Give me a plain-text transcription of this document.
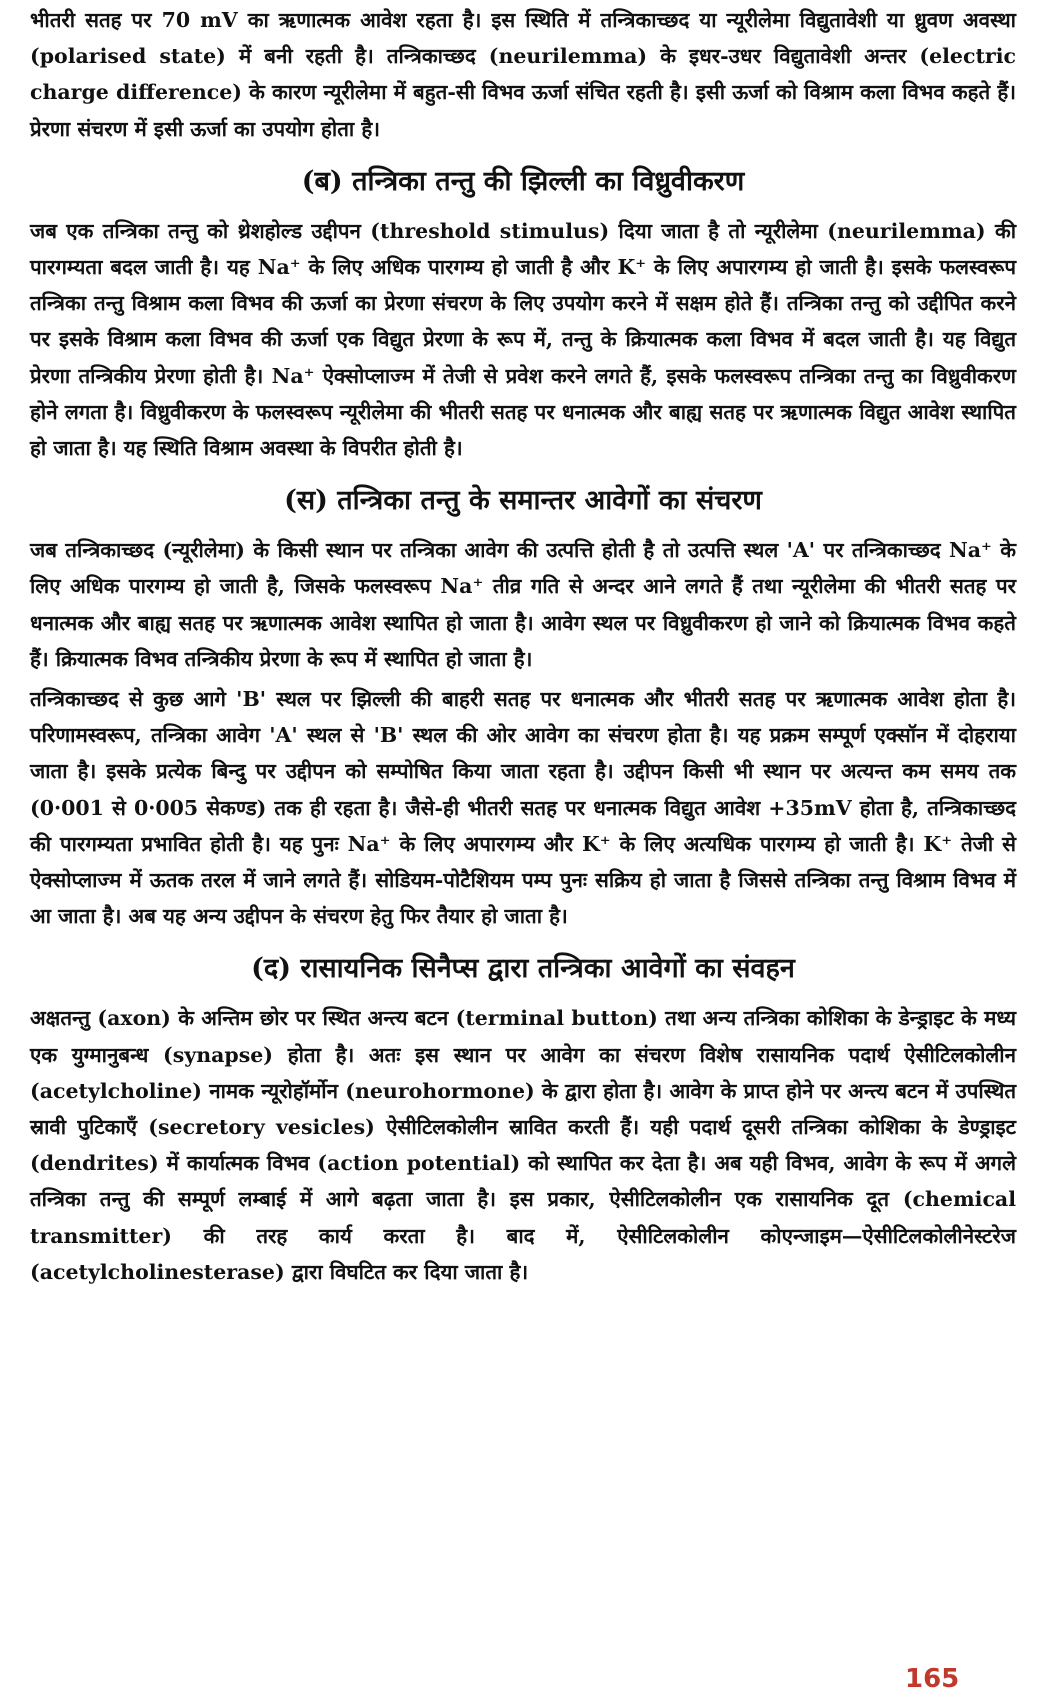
भीतरी सतह पर 70 mV का ऋणात्मक आवेश रहता है। इस स्थिति में तन्त्रिकाच्छद या न्यूरीलेमा विद्युतावेशी या ध्रुवण अवस्था (polarised state) में बनी रहती है। तन्त्रिकाच्छद (neurilemma) के इधर-उधर विद्युतावेशी अन्तर (electric charge difference) के कारण न्यूरीलेमा में बहुत-सी विभव ऊर्जा संचित रहती है। इसी ऊर्जा को विश्राम कला विभव कहते हैं। प्रेरणा संचरण में इसी ऊर्जा का उपयोग होता है।

(ब) तन्त्रिका तन्तु की झिल्ली का विध्रुवीकरण

जब एक तन्त्रिका तन्तु को थ्रेशहोल्ड उद्दीपन (threshold stimulus) दिया जाता है तो न्यूरीलेमा (neurilemma) की पारगम्यता बदल जाती है। यह Na⁺ के लिए अधिक पारगम्य हो जाती है और K⁺ के लिए अपारगम्य हो जाती है। इसके फलस्वरूप तन्त्रिका तन्तु विश्राम कला विभव की ऊर्जा का प्रेरणा संचरण के लिए उपयोग करने में सक्षम होते हैं। तन्त्रिका तन्तु को उद्दीपित करने पर इसके विश्राम कला विभव की ऊर्जा एक विद्युत प्रेरणा के रूप में, तन्तु के क्रियात्मक कला विभव में बदल जाती है। यह विद्युत प्रेरणा तन्त्रिकीय प्रेरणा होती है। Na⁺ ऐक्सोप्लाज्म में तेजी से प्रवेश करने लगते हैं, इसके फलस्वरूप तन्त्रिका तन्तु का विध्रुवीकरण होने लगता है। विध्रुवीकरण के फलस्वरूप न्यूरीलेमा की भीतरी सतह पर धनात्मक और बाह्य सतह पर ऋणात्मक विद्युत आवेश स्थापित हो जाता है। यह स्थिति विश्राम अवस्था के विपरीत होती है।

(स) तन्त्रिका तन्तु के समान्तर आवेगों का संचरण

जब तन्त्रिकाच्छद (न्यूरीलेमा) के किसी स्थान पर तन्त्रिका आवेग की उत्पत्ति होती है तो उत्पत्ति स्थल 'A' पर तन्त्रिकाच्छद Na⁺ के लिए अधिक पारगम्य हो जाती है, जिसके फलस्वरूप Na⁺ तीव्र गति से अन्दर आने लगते हैं तथा न्यूरीलेमा की भीतरी सतह पर धनात्मक और बाह्य सतह पर ऋणात्मक आवेश स्थापित हो जाता है। आवेग स्थल पर विध्रुवीकरण हो जाने को क्रियात्मक विभव कहते हैं। क्रियात्मक विभव तन्त्रिकीय प्रेरणा के रूप में स्थापित हो जाता है।

तन्त्रिकाच्छद से कुछ आगे 'B' स्थल पर झिल्ली की बाहरी सतह पर धनात्मक और भीतरी सतह पर ऋणात्मक आवेश होता है। परिणामस्वरूप, तन्त्रिका आवेग 'A' स्थल से 'B' स्थल की ओर आवेग का संचरण होता है। यह प्रक्रम सम्पूर्ण एक्सॉन में दोहराया जाता है। इसके प्रत्येक बिन्दु पर उद्दीपन को सम्पोषित किया जाता रहता है। उद्दीपन किसी भी स्थान पर अत्यन्त कम समय तक (0·001 से 0·005 सेकण्ड) तक ही रहता है। जैसे-ही भीतरी सतह पर धनात्मक विद्युत आवेश +35mV होता है, तन्त्रिकाच्छद की पारगम्यता प्रभावित होती है। यह पुनः Na⁺ के लिए अपारगम्य और K⁺ के लिए अत्यधिक पारगम्य हो जाती है। K⁺ तेजी से ऐक्सोप्लाज्म में ऊतक तरल में जाने लगते हैं। सोडियम-पोटैशियम पम्प पुनः सक्रिय हो जाता है जिससे तन्त्रिका तन्तु विश्राम विभव में आ जाता है। अब यह अन्य उद्दीपन के संचरण हेतु फिर तैयार हो जाता है।

(द) रासायनिक सिनैप्स द्वारा तन्त्रिका आवेगों का संवहन

अक्षतन्तु (axon) के अन्तिम छोर पर स्थित अन्त्य बटन (terminal button) तथा अन्य तन्त्रिका कोशिका के डेन्ड्राइट के मध्य एक युग्मानुबन्ध (synapse) होता है। अतः इस स्थान पर आवेग का संचरण विशेष रासायनिक पदार्थ ऐसीटिलकोलीन (acetylcholine) नामक न्यूरोहॉर्मोन (neurohormone) के द्वारा होता है। आवेग के प्राप्त होने पर अन्त्य बटन में उपस्थित स्रावी पुटिकाएँ (secretory vesicles) ऐसीटिलकोलीन स्रावित करती हैं। यही पदार्थ दूसरी तन्त्रिका कोशिका के डेण्ड्राइट (dendrites) में कार्यात्मक विभव (action potential) को स्थापित कर देता है। अब यही विभव, आवेग के रूप में अगले तन्त्रिका तन्तु की सम्पूर्ण लम्बाई में आगे बढ़ता जाता है। इस प्रकार, ऐसीटिलकोलीन एक रासायनिक दूत (chemical transmitter) की तरह कार्य करता है। बाद में, ऐसीटिलकोलीन कोएन्जाइम—ऐसीटिलकोलीनेस्टरेज (acetylcholinesterase) द्वारा विघटित कर दिया जाता है।

165
